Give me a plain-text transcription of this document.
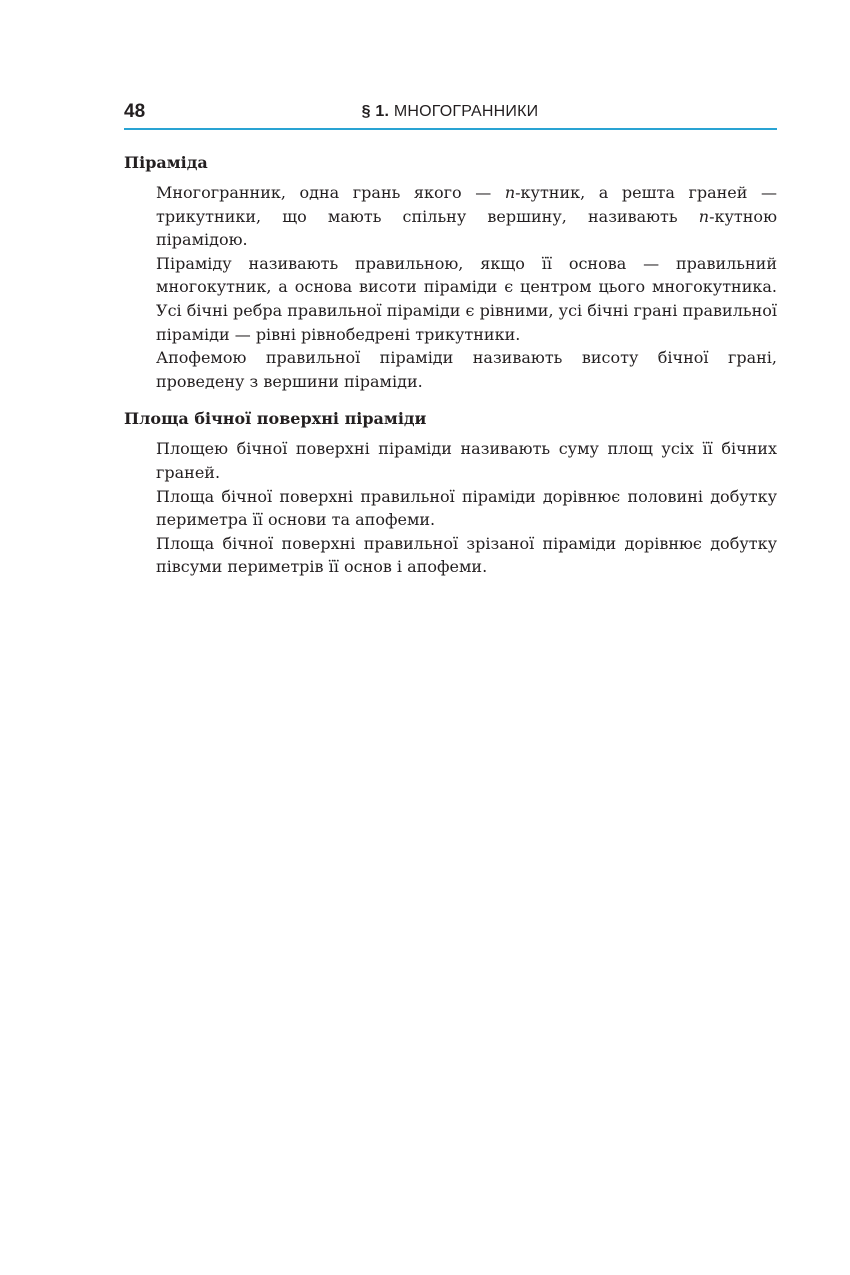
48	§ 1. МНОГОГРАННИКИ

Піраміда

Многогранник, одна грань якого — n-кутник, а решта граней — трикутники, що мають спільну вершину, називають n-кутною пірамідою.

Піраміду називають правильною, якщо її основа — правильний многокутник, а основа висоти піраміди є центром цього многокутника. Усі бічні ребра правильної піраміди є рівними, усі бічні грані правильної піраміди — рівні рівнобедрені трикутники.

Апофемою правильної піраміди називають висоту бічної грані, проведену з вершини піраміди.

Площа бічної поверхні піраміди

Площею бічної поверхні піраміди називають суму площ усіх її бічних граней.

Площа бічної поверхні правильної піраміди дорівнює половині добутку периметра її основи та апофеми.

Площа бічної поверхні правильної зрізаної піраміди дорівнює добутку півсуми периметрів її основ і апофеми.
